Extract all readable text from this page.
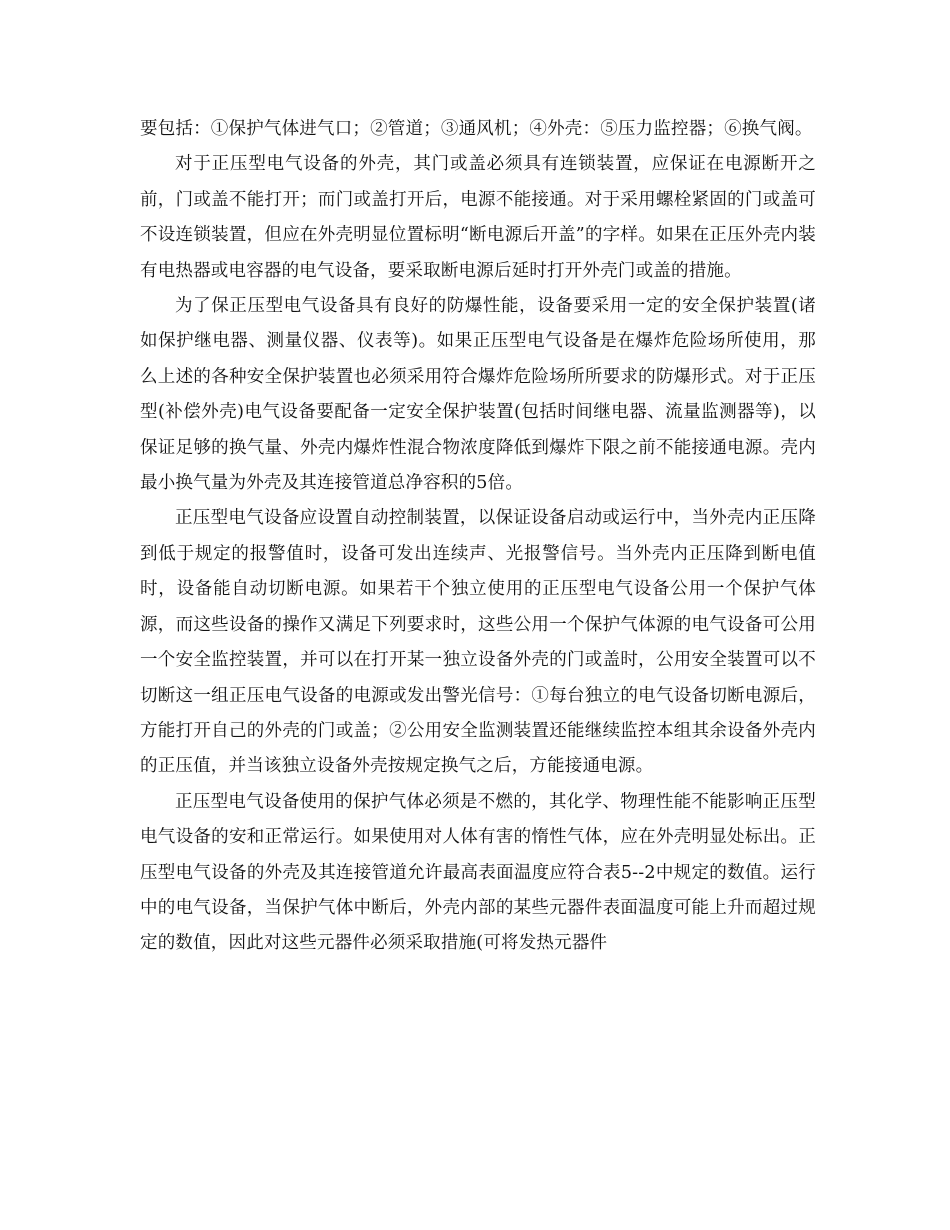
要包括：①保护气体进气口；②管道；③通风机；④外壳：⑤压力监控器；⑥换气阀。

对于正压型电气设备的外壳，其门或盖必须具有连锁装置，应保证在电源断开之前，门或盖不能打开；而门或盖打开后，电源不能接通。对于采用螺栓紧固的门或盖可不设连锁装置，但应在外壳明显位置标明“断电源后开盖”的字样。如果在正压外壳内装有电热器或电容器的电气设备，要采取断电源后延时打开外壳门或盖的措施。

为了保正压型电气设备具有良好的防爆性能，设备要采用一定的安全保护装置(诸如保护继电器、测量仪器、仪表等)。如果正压型电气设备是在爆炸危险场所使用，那么上述的各种安全保护装置也必须采用符合爆炸危险场所所要求的防爆形式。对于正压型(补偿外壳)电气设备要配备一定安全保护装置(包括时间继电器、流量监测器等)，以保证足够的换气量、外壳内爆炸性混合物浓度降低到爆炸下限之前不能接通电源。壳内最小换气量为外壳及其连接管道总净容积的5倍。

正压型电气设备应设置自动控制装置，以保证设备启动或运行中，当外壳内正压降到低于规定的报警值时，设备可发出连续声、光报警信号。当外壳内正压降到断电值时，设备能自动切断电源。如果若干个独立使用的正压型电气设备公用一个保护气体源，而这些设备的操作又满足下列要求时，这些公用一个保护气体源的电气设备可公用一个安全监控装置，并可以在打开某一独立设备外壳的门或盖时，公用安全装置可以不切断这一组正压电气设备的电源或发出警光信号：①每台独立的电气设备切断电源后，方能打开自己的外壳的门或盖；②公用安全监测装置还能继续监控本组其余设备外壳内的正压值，并当该独立设备外壳按规定换气之后，方能接通电源。

正压型电气设备使用的保护气体必须是不燃的，其化学、物理性能不能影响正压型电气设备的安和正常运行。如果使用对人体有害的惰性气体，应在外壳明显处标出。正压型电气设备的外壳及其连接管道允许最高表面温度应符合表5--2中规定的数值。运行中的电气设备，当保护气体中断后，外壳内部的某些元器件表面温度可能上升而超过规定的数值，因此对这些元器件必须采取措施(可将发热元器件
